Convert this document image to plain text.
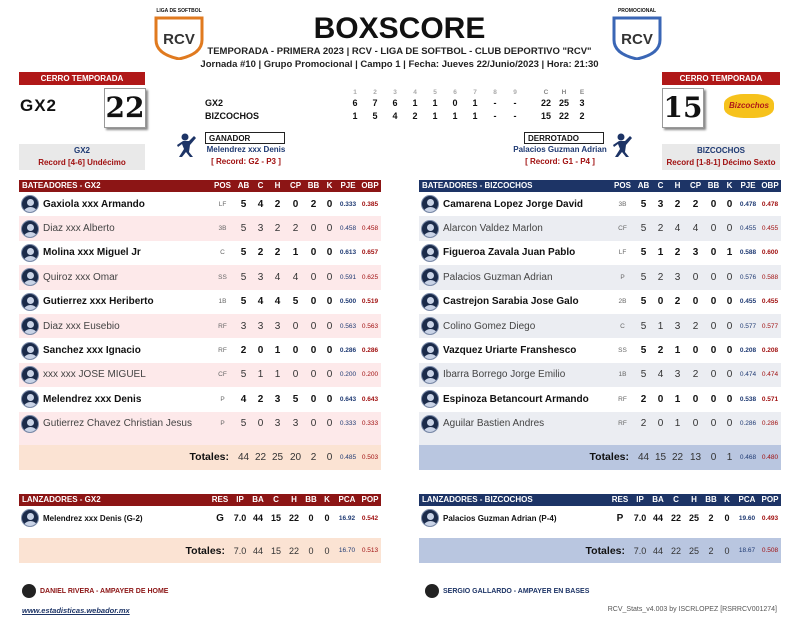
LIGA DE SOFTBOL
RCV	BOXSCORE
TEMPORADA - PRIMERA 2023 | RCV - LIGA DE SOFTBOL - CLUB DEPORTIVO "RCV"
Jornada #10 | Grupo Promocional | Campo 1 | Fecha: Jueves 22/Junio/2023 | Hora: 21:30
PROMOCIONAL
RCV
CERRO TEMPORADA
GX2 22
GX2
Record [4-6] Undécimo
CERRO TEMPORADA
15	Bizcochos
BIZCOCHOS
Record [1-8-1] Décimo Sexto
1	2	3	4	5	6	7	8	9	C	H	E
GX2	6	7	6	1	1	0	1	-	-	22 25	3
BIZCOCHOS	1	5	4	2	1	1	1	-	-	15 22	2
GANADOR
Melendrez xxx Denis
[ Record: G2 - P3 ]
DERROTADO
Palacios Guzman Adrian
[ Record: G1 - P4 ]
BATEADORES - GX2	POS AB	C	H	CP BB K	PJE OBP
Gaxiola xxx Armando	LF	5	4	2	0	2	0	0.333 0.385
Diaz xxx Alberto	3B	5	3	2	2	0	0	0.458 0.458
Molina xxx Miguel Jr	C	5	2	2	1	0	0	0.613 0.657
Quiroz xxx Omar	SS	5	3	4	4	0	0	0.591 0.625
Gutierrez xxx Heriberto	1B	5	4	4	5	0	0	0.500 0.519
Diaz xxx Eusebio	RF	3	3	3	0	0	0	0.563 0.563
Sanchez xxx Ignacio	RF	2	0	1	0	0	0	0.286 0.286
xxx xxx JOSE MIGUEL	CF	5	1	1	0	0	0	0.200 0.200
Melendrez xxx Denis	P	4	2	3	5	0	0	0.643 0.643
Gutierrez Chavez Christian Jesus	P	5	0	3	3	0	0	0.333 0.333
Totales: 44 22 25 20 2	0	0.485 0.503
BATEADORES - BIZCOCHOS	POS AB	C	H	CP BB K	PJE OBP
Camarena Lopez Jorge David	3B	5	3	2	2	0	0	0.478 0.478
Alarcon Valdez Marlon	CF	5	2	4	4	0	0	0.455 0.455
Figueroa Zavala Juan Pablo	LF	5	1	2	3	0	1	0.588 0.600
Palacios Guzman Adrian	P	5	2	3	0	0	0	0.576 0.588
Castrejon Sarabia Jose Galo	2B	5	0	2	0	0	0	0.455 0.455
Colino Gomez Diego	C	5	1	3	2	0	0	0.577 0.577
Vazquez Uriarte Franshesco	SS	5	2	1	0	0	0	0.208 0.208
Ibarra Borrego Jorge Emilio	1B	5	4	3	2	0	0	0.474 0.474
Espinoza Betancourt Armando	RF	2	0	1	0	0	0	0.538 0.571
Aguilar Bastien Andres	RF	2	0	1	0	0	0	0.286 0.286
Totales: 44 15 22 13 0	1	0.468 0.480
LANZADORES - GX2	RES	IP	BA	C	H	BB K	PCA POP
Melendrez xxx Denis (G-2)	G	7.0 44 15 22	0	0	16.92	0.542
Totales: 7.0 44 15 22	0	0	16.70	0.513
LANZADORES - BIZCOCHOS	RES	IP	BA	C	H	BB K	PCA POP
Palacios Guzman Adrian (P-4)	P	7.0 44 22 25	2	0	19.60	0.493
Totales: 7.0 44 22 25	2	0	18.67	0.508
DANIEL RIVERA - AMPAYER DE HOME	SERGIO GALLARDO - AMPAYER EN BASES
www.estadisticas.webador.mx	RCV_Stats_v4.003 by ISCRLOPEZ [RSRRCV001274]
